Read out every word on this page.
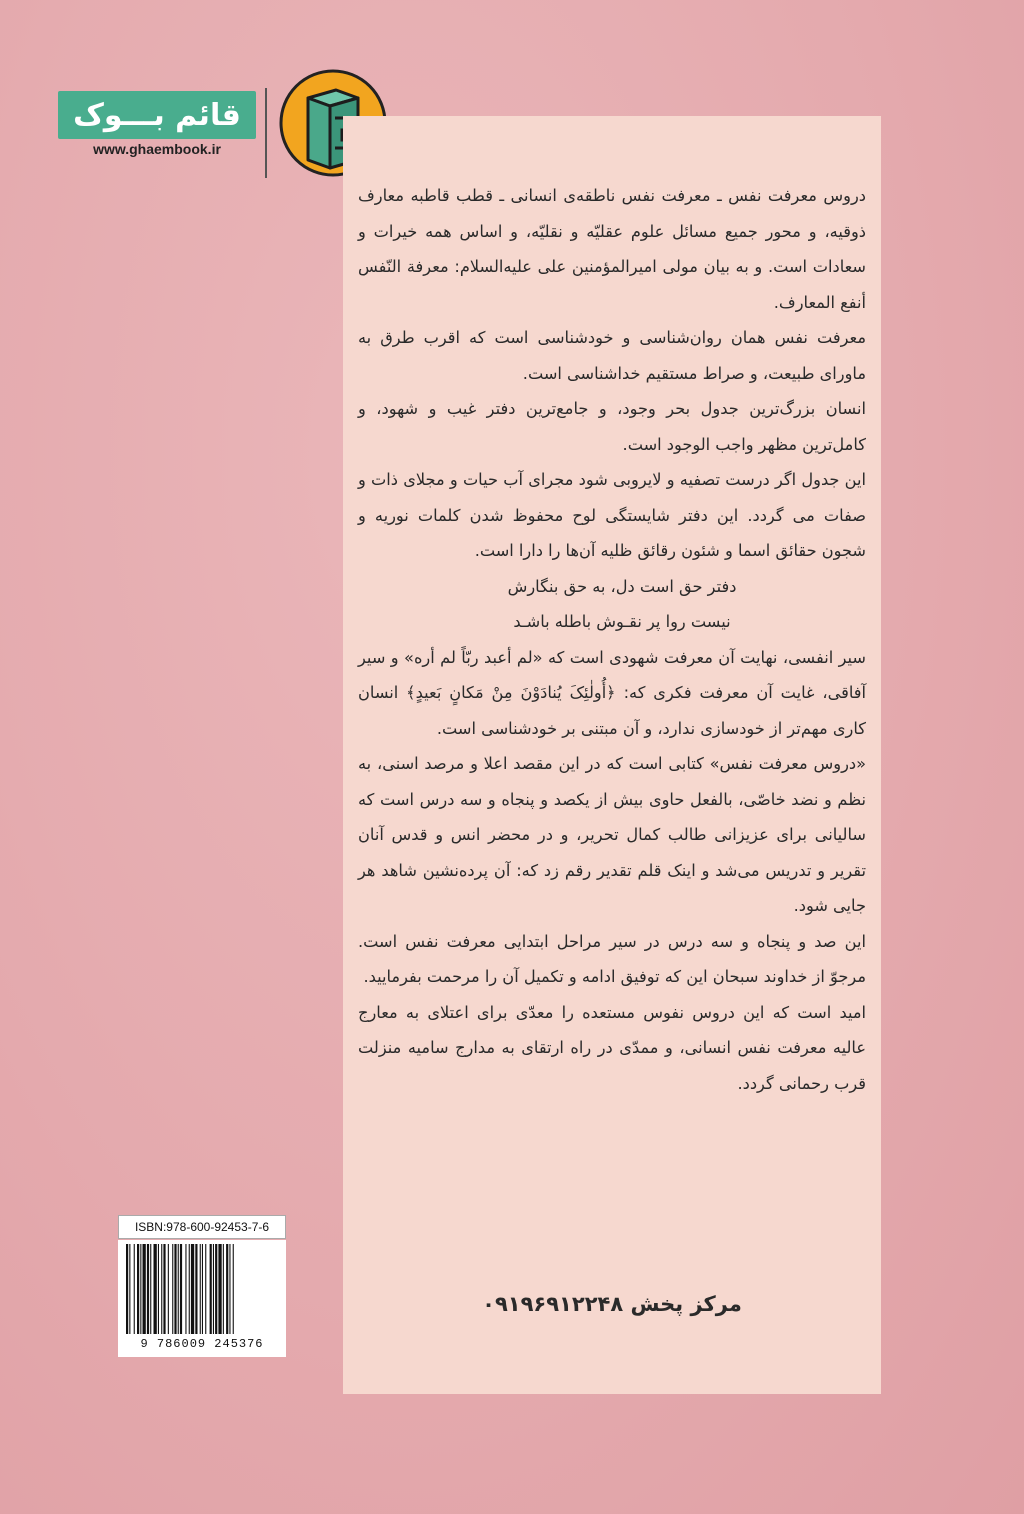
قائم بـــوک
www.ghaembook.ir

دروس معرفت نفس ـ معرفت نفس ناطقه‌ی انسانی ـ قطب قاطبه معارف ذوقیه، و محور جمیع مسائل علوم عقلیّه و نقلیّه، و اساس همه خیرات و سعادات است. و به بیان مولی امیرالمؤمنین علی علیه‌السلام: معرفة النّفس أنفع المعارف.

معرفت نفس همان روان‌شناسی و خودشناسی است که اقرب طرق به ماورای طبیعت، و صراط مستقیم خداشناسی است.

انسان بزرگ‌ترین جدول بحر وجود، و جامع‌ترین دفتر غیب و شهود، و کامل‌ترین مظهر واجب الوجود است.

این جدول اگر درست تصفیه و لایروبی شود مجرای آب حیات و مجلای ذات و صفات می گردد. این دفتر شایستگی لوح محفوظ شدن کلمات نوریه و شجون حقائق اسما و شئون رقائق ظلیه آن‌ها را دارا است.

دفتر حق است دل، به حق بنگارش

نیست روا پر نقـوش باطله باشـد

سیر انفسی، نهایت آن معرفت شهودی است که «لم أعبد ربّاً لم أره» و سیر آفاقی، غایت آن معرفت فکری که: ﴿أُولٰئِکَ یُنادَوْنَ مِنْ مَکانٍ بَعیدٍ﴾ انسان کاری مهم‌تر از خودسازی ندارد، و آن مبتنی بر خودشناسی است.

«دروس معرفت نفس» کتابی است که در این مقصد اعلا و مرصد اسنی، به نظم و نضد خاصّی، بالفعل حاوی بیش از یکصد و پنجاه و سه درس است که سالیانی برای عزیزانی طالب کمال تحریر، و در محضر انس و قدس آنان تقریر و تدریس می‌شد و اینک قلم تقدیر رقم زد که: آن پرده‌نشین شاهد هر جایی شود.

این صد و پنجاه و سه درس در سیر مراحل ابتدایی معرفت نفس است. مرجوّ از خداوند سبحان این که توفیق ادامه و تکمیل آن را مرحمت بفرمایید.

امید است که این دروس نفوس مستعده را معدّی برای اعتلای به معارج عالیه معرفت نفس انسانی، و ممدّی در راه ارتقای به مدارج سامیه منزلت قرب رحمانی گردد.

مرکز پخش ۰۹۱۹۶۹۱۲۲۴۸
ISBN:978-600-92453-7-6
9 786009 245376
